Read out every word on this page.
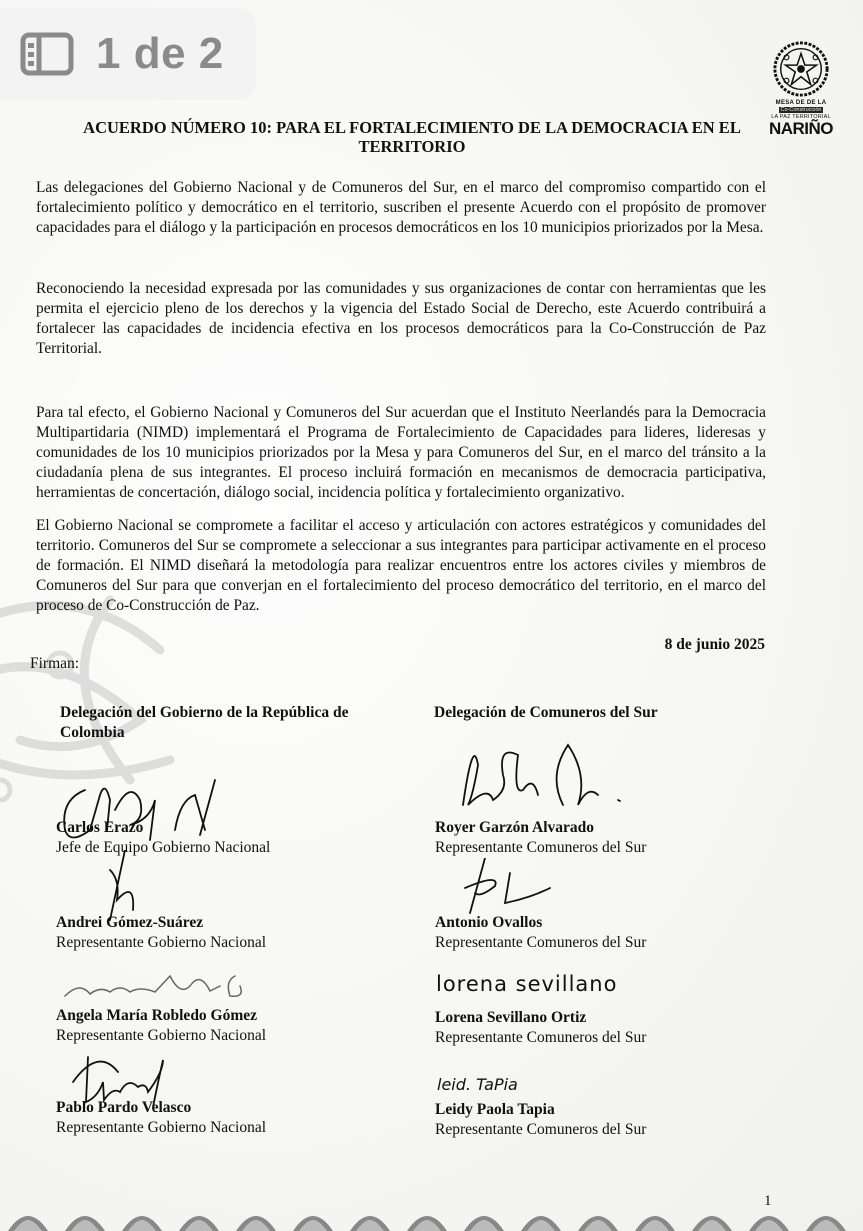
MESA DE DE LA
Co-Construcción
LA PAZ TERRITORIAL
NARIÑO
ACUERDO NÚMERO 10: PARA EL FORTALECIMIENTO DE LA DEMOCRACIA EN EL
TERRITORIO
Las delegaciones del Gobierno Nacional y de Comuneros del Sur, en el marco del compromiso compartido con el fortalecimiento político y democrático en el territorio, suscriben el presente Acuerdo con el propósito de promover capacidades para el diálogo y la participación en procesos democráticos en los 10 municipios priorizados por la Mesa.
Reconociendo la necesidad expresada por las comunidades y sus organizaciones de contar con herramientas que les permita el ejercicio pleno de los derechos y la vigencia del Estado Social de Derecho, este Acuerdo contribuirá a fortalecer las capacidades de incidencia efectiva en los procesos democráticos para la Co-Construcción de Paz Territorial.
Para tal efecto, el Gobierno Nacional y Comuneros del Sur acuerdan que el Instituto Neerlandés para la Democracia Multipartidaria (NIMD) implementará el Programa de Fortalecimiento de Capacidades para lideres, lideresas y comunidades de los 10 municipios priorizados por la Mesa y para Comuneros del Sur, en el marco del tránsito a la ciudadanía plena de sus integrantes. El proceso incluirá formación en mecanismos de democracia participativa, herramientas de concertación, diálogo social, incidencia política y fortalecimiento organizativo.
El Gobierno Nacional se compromete a facilitar el acceso y articulación con actores estratégicos y comunidades del territorio. Comuneros del Sur se compromete a seleccionar a sus integrantes para participar activamente en el proceso de formación. El NIMD diseñará la metodología para realizar encuentros entre los actores civiles y miembros de Comuneros del Sur para que converjan en el fortalecimiento del proceso democrático del territorio, en el marco del proceso de Co-Construcción de Paz.
8 de junio 2025
Firman:
Delegación del Gobierno de la República de Colombia
Delegación de Comuneros del Sur
lorena sevillano
leid. TaPia
Carlos Erazo
Jefe de Equipo Gobierno Nacional
Andrei Gómez-Suárez
Representante Gobierno Nacional
Angela María Robledo Gómez
Representante Gobierno Nacional
Pablo Pardo Velasco
Representante Gobierno Nacional
Royer Garzón Alvarado
Representante Comuneros del Sur
Antonio Ovallos
Representante Comuneros del Sur
Lorena Sevillano Ortiz
Representante Comuneros del Sur
Leidy Paola Tapia
Representante Comuneros del Sur
1
1 de 2
